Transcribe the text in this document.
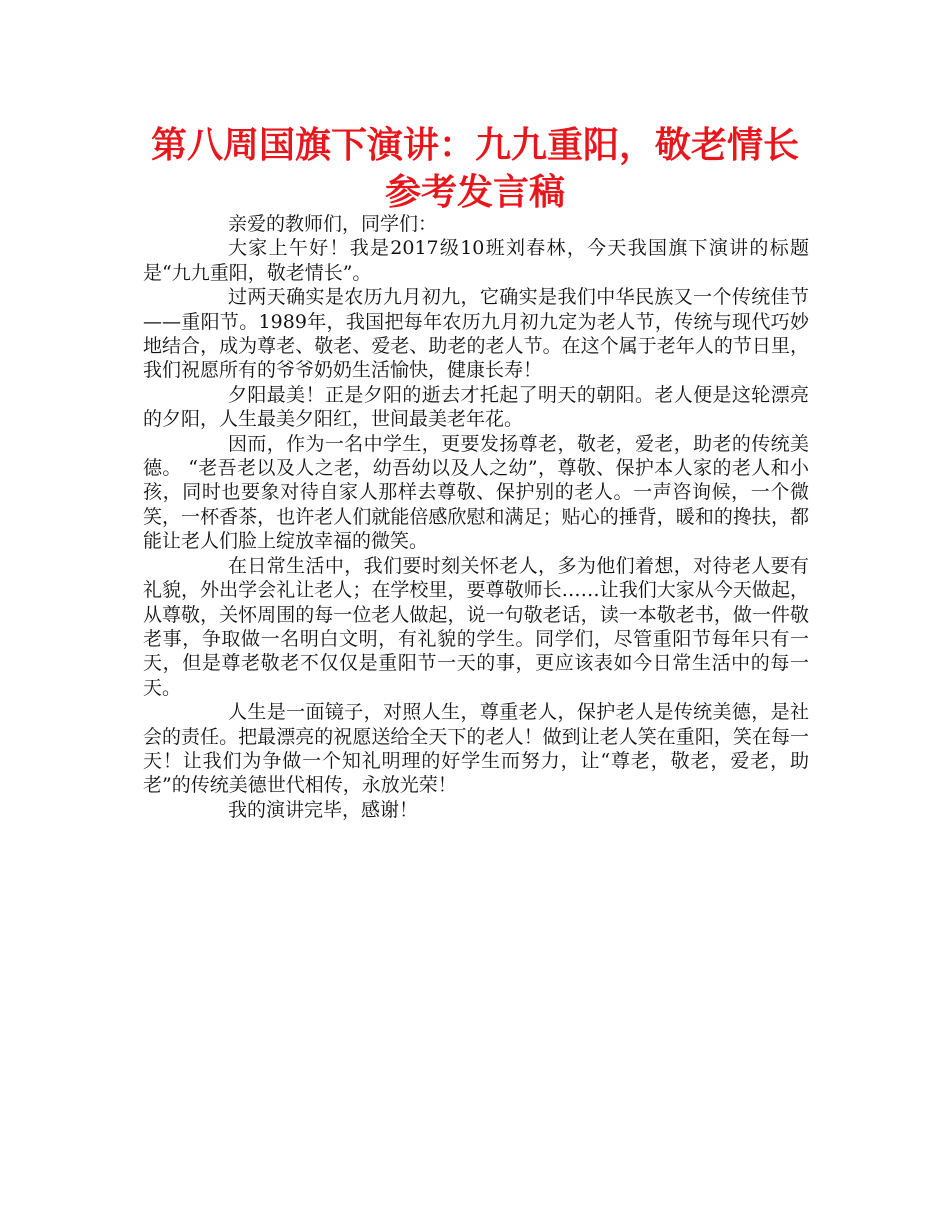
第八周国旗下演讲：九九重阳，敬老情长
参考发言稿

亲爱的教师们，同学们：

大家上午好！我是2017级10班刘春林，今天我国旗下演讲的标题是“九九重阳，敬老情长”。

过两天确实是农历九月初九，它确实是我们中华民族又一个传统佳节——重阳节。1989年，我国把每年农历九月初九定为老人节，传统与现代巧妙地结合，成为尊老、敬老、爱老、助老的老人节。在这个属于老年人的节日里，我们祝愿所有的爷爷奶奶生活愉快，健康长寿！

夕阳最美！正是夕阳的逝去才托起了明天的朝阳。老人便是这轮漂亮的夕阳，人生最美夕阳红，世间最美老年花。

因而，作为一名中学生，更要发扬尊老，敬老，爱老，助老的传统美德。 “老吾老以及人之老，幼吾幼以及人之幼”，尊敬、保护本人家的老人和小孩，同时也要象对待自家人那样去尊敬、保护别的老人。一声咨询候，一个微笑，一杯香茶，也许老人们就能倍感欣慰和满足；贴心的捶背，暖和的搀扶，都能让老人们脸上绽放幸福的微笑。

在日常生活中，我们要时刻关怀老人，多为他们着想，对待老人要有礼貌，外出学会礼让老人；在学校里，要尊敬师长……让我们大家从今天做起，从尊敬，关怀周围的每一位老人做起，说一句敬老话，读一本敬老书，做一件敬老事，争取做一名明白文明，有礼貌的学生。同学们，尽管重阳节每年只有一天，但是尊老敬老不仅仅是重阳节一天的事，更应该表如今日常生活中的每一天。

人生是一面镜子，对照人生，尊重老人，保护老人是传统美德，是社会的责任。把最漂亮的祝愿送给全天下的老人！做到让老人笑在重阳，笑在每一天！让我们为争做一个知礼明理的好学生而努力，让“尊老，敬老，爱老，助老”的传统美德世代相传，永放光荣！

我的演讲完毕，感谢！
